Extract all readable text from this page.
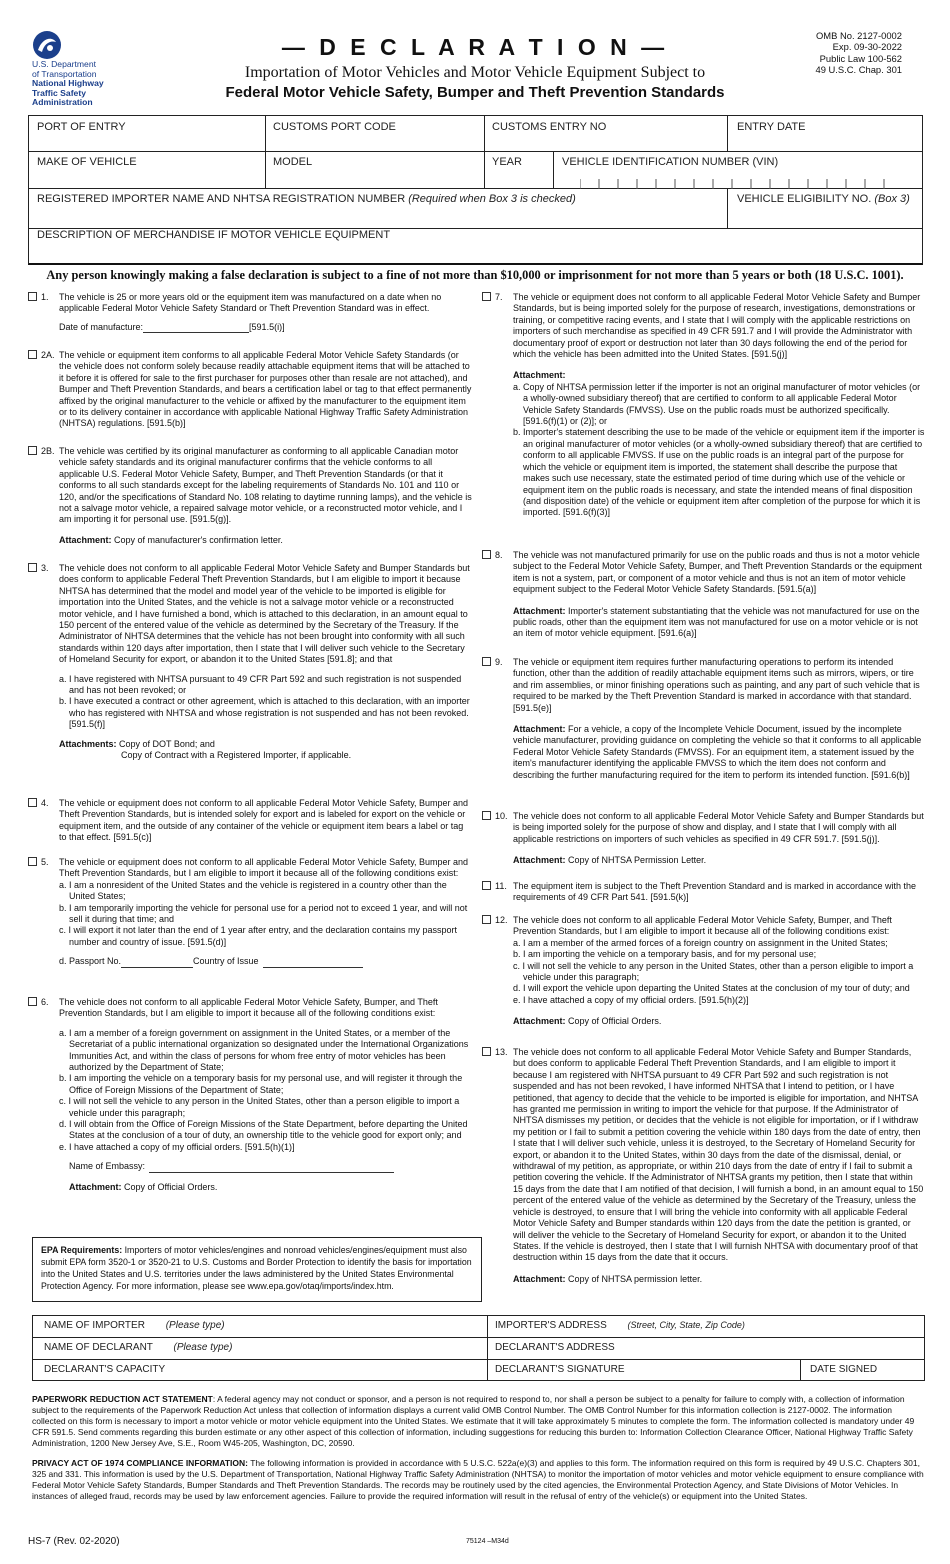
U.S. Department
of Transportation
National Highway
Traffic Safety
Administration
— D E C L A R A T I O N —
Importation of Motor Vehicles and Motor Vehicle Equipment Subject to
Federal Motor Vehicle Safety, Bumper and Theft Prevention Standards
OMB No. 2127-0002
Exp. 09-30-2022
Public Law 100-562
49 U.S.C. Chap. 301
PORT OF ENTRY	CUSTOMS PORT CODE	CUSTOMS ENTRY NO	ENTRY DATE
MAKE OF VEHICLE	MODEL	YEAR	VEHICLE IDENTIFICATION NUMBER (VIN)
REGISTERED IMPORTER NAME AND NHTSA REGISTRATION NUMBER (Required when Box 3 is checked)	VEHICLE ELIGIBILITY NO. (Box 3)
DESCRIPTION OF MERCHANDISE IF MOTOR VEHICLE EQUIPMENT
Any person knowingly making a false declaration is subject to a fine of not more than $10,000 or imprisonment for not more than 5 years or both (18 U.S.C. 1001).
1. The vehicle is 25 or more years old or the equipment item was manufactured on a date when no applicable Federal Motor Vehicle Safety Standard or Theft Prevention Standard was in effect.

Date of manufacture:	[591.5(i)]

2A. The vehicle or equipment item conforms to all applicable Federal Motor Vehicle Safety Standards (or the vehicle does not conform solely because readily attachable equipment items that will be attached to it before it is offered for sale to the first purchaser for purposes other than resale are not attached), and Bumper and Theft Prevention Standards, and bears a certification label or tag to that effect permanently affixed by the original manufacturer to the vehicle or affixed by the manufacturer to the equipment item or to its delivery container in accordance with applicable National Highway Traffic Safety Administration (NHTSA) regulations. [591.5(b)]

2B. The vehicle was certified by its original manufacturer as conforming to all applicable Canadian motor vehicle safety standards and its original manufacturer confirms that the vehicle conforms to all applicable U.S. Federal Motor Vehicle Safety, Bumper, and Theft Prevention Standards (or that it conforms to all such standards except for the labeling requirements of Standards No. 101 and 110 or 120, and/or the specifications of Standard No. 108 relating to daytime running lamps), and the vehicle is not a salvage motor vehicle, a repaired salvage motor vehicle, or a reconstructed motor vehicle, and I am importing it for personal use. [591.5(g)].

Attachment: Copy of manufacturer's confirmation letter.

3. The vehicle does not conform to all applicable Federal Motor Vehicle Safety and Bumper Standards but does conform to applicable Federal Theft Prevention Standards, but I am eligible to import it because NHTSA has determined that the model and model year of the vehicle to be imported is eligible for importation into the United States, and the vehicle is not a salvage motor vehicle or a reconstructed motor vehicle, and I have furnished a bond, which is attached to this declaration, in an amount equal to 150 percent of the entered value of the vehicle as determined by the Secretary of the Treasury. If the Administrator of NHTSA determines that the vehicle has not been brought into conformity with all such standards within 120 days after importation, then I state that I will deliver such vehicle to the Secretary of Homeland Security for export, or abandon it to the United States [591.8]; and that

a. I have registered with NHTSA pursuant to 49 CFR Part 592 and such registration is not suspended and has not been revoked; or

b. I have executed a contract or other agreement, which is attached to this declaration, with an importer who has registered with NHTSA and whose registration is not suspended and has not been revoked. [591.5(f)]

Attachments: Copy of DOT Bond; and

Copy of Contract with a Registered Importer, if applicable.

4. The vehicle or equipment does not conform to all applicable Federal Motor Vehicle Safety, Bumper and Theft Prevention Standards, but is intended solely for export and is labeled for export on the vehicle or equipment item, and the outside of any container of the vehicle or equipment item bears a label or tag to that effect. [591.5(c)]

5. The vehicle or equipment does not conform to all applicable Federal Motor Vehicle Safety, Bumper and Theft Prevention Standards, but I am eligible to import it because all of the following conditions exist:

a. I am a nonresident of the United States and the vehicle is registered in a country other than the United States;

b. I am temporarily importing the vehicle for personal use for a period not to exceed 1 year, and will not sell it during that time; and

c. I will export it not later than the end of 1 year after entry, and the declaration contains my passport number and country of issue. [591.5(d)]

d. Passport No.	Country of Issue

6. The vehicle does not conform to all applicable Federal Motor Vehicle Safety, Bumper, and Theft Prevention Standards, but I am eligible to import it because all of the following conditions exist:

a. I am a member of a foreign government on assignment in the United States, or a member of the Secretariat of a public international organization so designated under the International Organizations Immunities Act, and within the class of persons for whom free entry of motor vehicles has been authorized by the Department of State;

b. I am importing the vehicle on a temporary basis for my personal use, and will register it through the Office of Foreign Missions of the Department of State;

c. I will not sell the vehicle to any person in the United States, other than a person eligible to import a vehicle under this paragraph;

d. I will obtain from the Office of Foreign Missions of the State Department, before departing the United States at the conclusion of a tour of duty, an ownership title to the vehicle good for export only; and

e. I have attached a copy of my official orders. [591.5(h)(1)]

Name of Embassy:

Attachment: Copy of Official Orders.

EPA Requirements: Importers of motor vehicles/engines and nonroad vehicles/engines/equipment must also submit EPA form 3520-1 or 3520-21 to U.S. Customs and Border Protection to identify the basis for importation into the United States and U.S. territories under the laws administered by the United States Environmental Protection Agency. For more information, please see www.epa.gov/otaq/imports/index.htm.
7. The vehicle or equipment does not conform to all applicable Federal Motor Vehicle Safety and Bumper Standards, but is being imported solely for the purpose of research, investigations, demonstrations or training, or competitive racing events, and I state that I will comply with the applicable restrictions on importers of such merchandise as specified in 49 CFR 591.7 and I will provide the Administrator with documentary proof of export or destruction not later than 30 days following the end of the period for which the vehicle has been admitted into the United States. [591.5(j)]

Attachment:

a. Copy of NHTSA permission letter if the importer is not an original manufacturer of motor vehicles (or a wholly-owned subsidiary thereof) that are certified to conform to all applicable Federal Motor Vehicle Safety Standards (FMVSS). Use on the public roads must be authorized specifically. [591.6(f)(1) or (2)]; or

b. Importer's statement describing the use to be made of the vehicle or equipment item if the importer is an original manufacturer of motor vehicles (or a wholly-owned subsidiary thereof) that are certified to conform to all applicable FMVSS. If use on the public roads is an integral part of the purpose for which the vehicle or equipment item is imported, the statement shall describe the purpose that makes such use necessary, state the estimated period of time during which use of the vehicle or equipment item on the public roads is necessary, and state the intended means of final disposition (and disposition date) of the vehicle or equipment item after completion of the purpose for which it is imported. [591.6(f)(3)]

8. The vehicle was not manufactured primarily for use on the public roads and thus is not a motor vehicle subject to the Federal Motor Vehicle Safety, Bumper, and Theft Prevention Standards or the equipment item is not a system, part, or component of a motor vehicle and thus is not an item of motor vehicle equipment subject to the Federal Motor Vehicle Safety Standards. [591.5(a)]

Attachment: Importer's statement substantiating that the vehicle was not manufactured for use on the public roads, other than the equipment item was not manufactured for use on a motor vehicle or is not an item of motor vehicle equipment. [591.6(a)]

9. The vehicle or equipment item requires further manufacturing operations to perform its intended function, other than the addition of readily attachable equipment items such as mirrors, wipers, or tire and rim assemblies, or minor finishing operations such as painting, and any part of such vehicle that is required to be marked by the Theft Prevention Standard is marked in accordance with that standard. [591.5(e)]

Attachment: For a vehicle, a copy of the Incomplete Vehicle Document, issued by the incomplete vehicle manufacturer, providing guidance on completing the vehicle so that it conforms to all applicable Federal Motor Vehicle Safety Standards (FMVSS). For an equipment item, a statement issued by the item's manufacturer identifying the applicable FMVSS to which the item does not conform and describing the further manufacturing required for the item to perform its intended function. [591.6(b)]

10. The vehicle does not conform to all applicable Federal Motor Vehicle Safety and Bumper Standards but is being imported solely for the purpose of show and display, and I state that I will comply with all applicable restrictions on importers of such vehicles as specified in 49 CFR 591.7. [591.5(j)].

Attachment: Copy of NHTSA Permission Letter.

11. The equipment item is subject to the Theft Prevention Standard and is marked in accordance with the requirements of 49 CFR Part 541. [591.5(k)]

12. The vehicle does not conform to all applicable Federal Motor Vehicle Safety, Bumper, and Theft Prevention Standards, but I am eligible to import it because all of the following conditions exist:

a. I am a member of the armed forces of a foreign country on assignment in the United States;

b. I am importing the vehicle on a temporary basis, and for my personal use;

c. I will not sell the vehicle to any person in the United States, other than a person eligible to import a vehicle under this paragraph;

d. I will export the vehicle upon departing the United States at the conclusion of my tour of duty; and

e. I have attached a copy of my official orders. [591.5(h)(2)]

Attachment: Copy of Official Orders.

13. The vehicle does not conform to all applicable Federal Motor Vehicle Safety and Bumper Standards, but does conform to applicable Federal Theft Prevention Standards, and I am eligible to import it because I am registered with NHTSA pursuant to 49 CFR Part 592 and such registration is not suspended and has not been revoked, I have informed NHTSA that I intend to petition, or I have petitioned, that agency to decide that the vehicle to be imported is eligible for importation, and NHTSA has granted me permission in writing to import the vehicle for that purpose. If the Administrator of NHTSA dismisses my petition, or decides that the vehicle is not eligible for importation, or if I withdraw my petition or I fail to submit a petition covering the vehicle within 180 days from the date of entry, then I state that I will deliver such vehicle, unless it is destroyed, to the Secretary of Homeland Security for export, or abandon it to the United States, within 30 days from the date of the dismissal, denial, or withdrawal of my petition, as appropriate, or within 210 days from the date of entry if I fail to submit a petition covering the vehicle. If the Administrator of NHTSA grants my petition, then I state that within 15 days from the date that I am notified of that decision, I will furnish a bond, in an amount equal to 150 percent of the entered value of the vehicle as determined by the Secretary of the Treasury, unless the vehicle is destroyed, to ensure that I will bring the vehicle into conformity with all applicable Federal Motor Vehicle Safety and Bumper standards within 120 days from the date the petition is granted, or will deliver the vehicle to the Secretary of Homeland Security for export, or abandon it to the United States. If the vehicle is destroyed, then I state that I will furnish NHTSA with documentary proof of that destruction within 15 days from the date that it occurs.

Attachment: Copy of NHTSA permission letter.

NAME OF IMPORTER (Please type)	IMPORTER'S ADDRESS (Street, City, State, Zip Code)
NAME OF DECLARANT (Please type)	DECLARANT'S ADDRESS
DECLARANT'S CAPACITY	DECLARANT'S SIGNATURE	DATE SIGNED
PAPERWORK REDUCTION ACT STATEMENT: A federal agency may not conduct or sponsor, and a person is not required to respond to, nor shall a person be subject to a penalty for failure to comply with, a collection of information subject to the requirements of the Paperwork Reduction Act unless that collection of information displays a current valid OMB Control Number. The OMB Control Number for this information collection is 2127-0002. The information collected on this form is necessary to import a motor vehicle or motor vehicle equipment into the United States. We estimate that it will take approximately 5 minutes to complete the form. The information collected is mandatory under 49 CFR 591.5. Send comments regarding this burden estimate or any other aspect of this collection of information, including suggestions for reducing this burden to: Information Collection Clearance Officer, National Highway Traffic Safety Administration, 1200 New Jersey Ave, S.E., Room W45-205, Washington, DC, 20590.
PRIVACY ACT OF 1974 COMPLIANCE INFORMATION: The following information is provided in accordance with 5 U.S.C. 522a(e)(3) and applies to this form. The information required on this form is required by 49 U.S.C. Chapters 301, 325 and 331. This information is used by the U.S. Department of Transportation, National Highway Traffic Safety Administration (NHTSA) to monitor the importation of motor vehicles and motor vehicle equipment to ensure compliance with Federal Motor Vehicle Safety Standards, Bumper Standards and Theft Prevention Standards. The records may be routinely used by the cited agencies, the Environmental Protection Agency, and State Divisions of Motor Vehicles. In instances of alleged fraud, records may be used by law enforcement agencies. Failure to provide the required information will result in the refusal of entry of the vehicle(s) or equipment into the United States.
HS-7 (Rev. 02-2020)	75124 –M34d
